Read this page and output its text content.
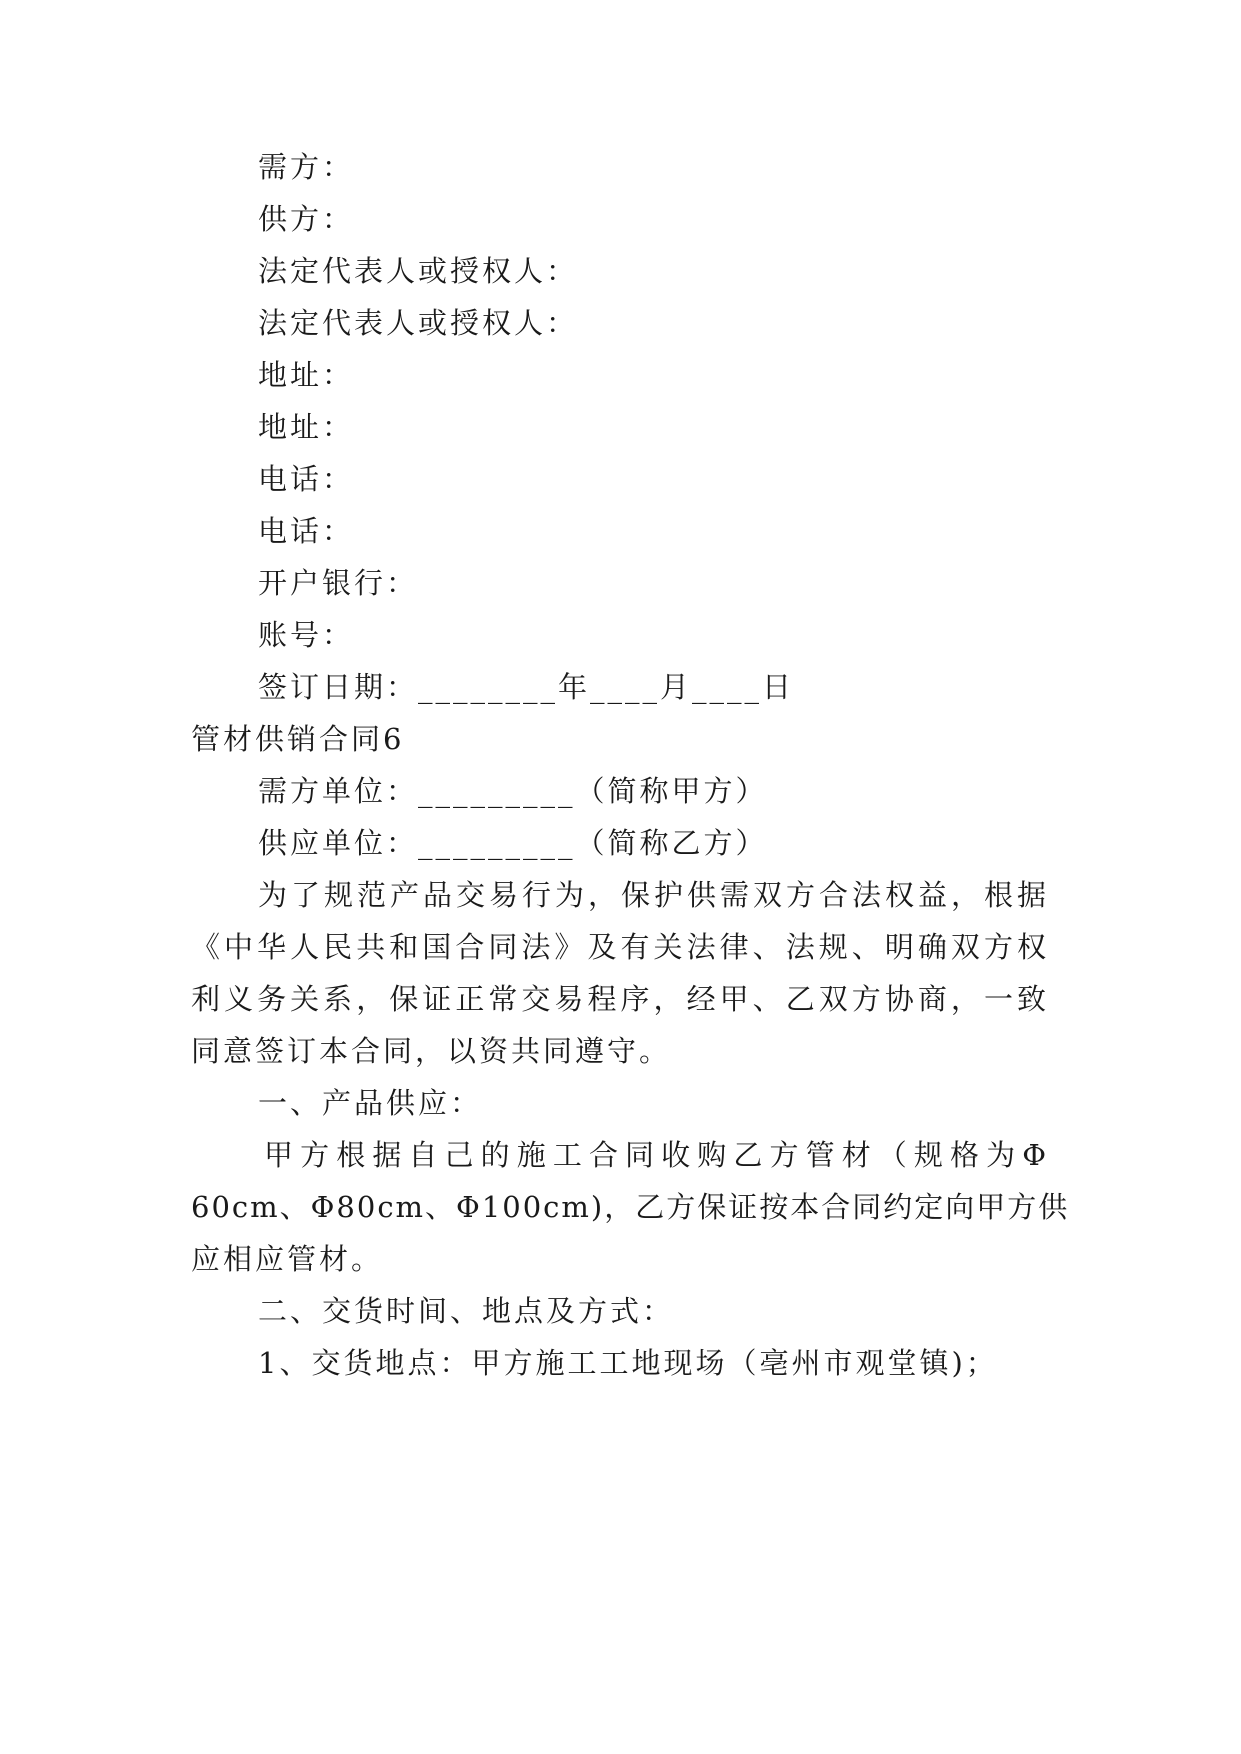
需方：
供方：
法定代表人或授权人：
法定代表人或授权人：
地址：
地址：
电话：
电话：
开户银行：
账号：
签订日期：________年____月____日
管材供销合同6
需方单位：_________（简称甲方）
供应单位：_________（简称乙方）
为了规范产品交易行为，保护供需双方合法权益，根据
《中华人民共和国合同法》及有关法律、法规、明确双方权
利义务关系，保证正常交易程序，经甲、乙双方协商，一致
同意签订本合同，以资共同遵守。
一、产品供应：
甲方根据自己的施工合同收购乙方管材（规格为Φ
60cm、Φ80cm、Φ100cm)，乙方保证按本合同约定向甲方供
应相应管材。
二、交货时间、地点及方式：
1、交货地点：甲方施工工地现场（亳州市观堂镇)；
